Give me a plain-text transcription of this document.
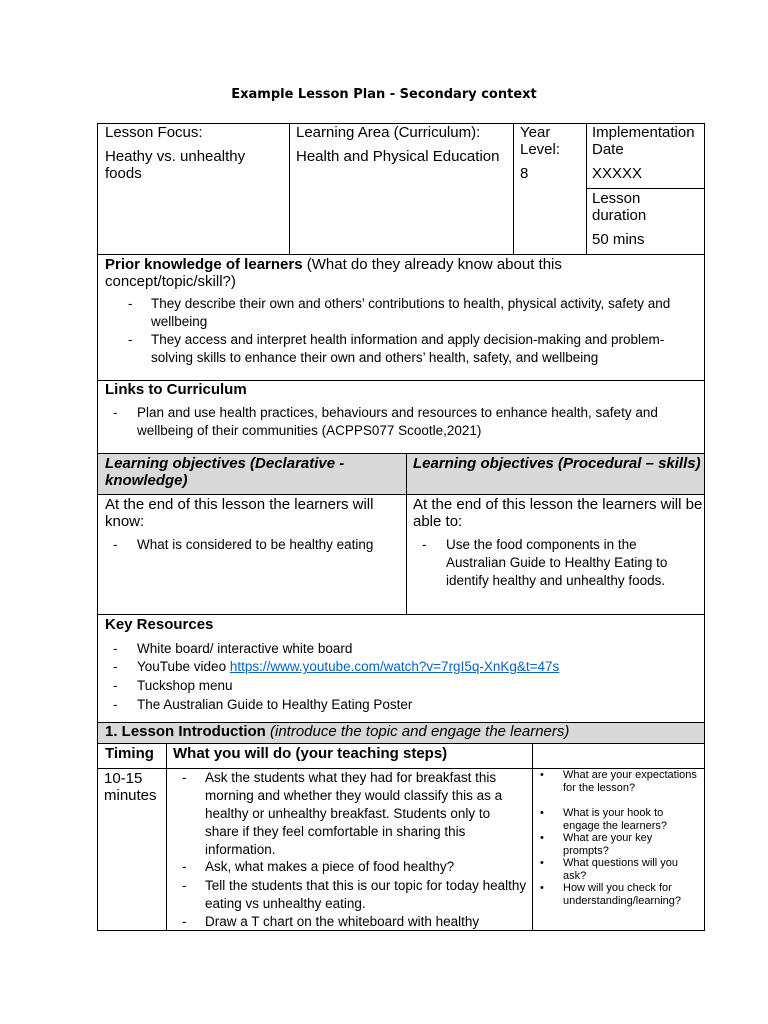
Example Lesson Plan - Secondary context
Lesson Focus:
Heathy vs. unhealthy foods
Learning Area (Curriculum):
Health and Physical Education
Year Level:
8
Implementation Date
XXXXX
Lesson duration
50 mins
Prior knowledge of learners (What do they already know about this concept/topic/skill?)
- They describe their own and others’ contributions to health, physical activity, safety and wellbeing
- They access and interpret health information and apply decision-making and problem-solving skills to enhance their own and others’ health, safety, and wellbeing
Links to Curriculum
- Plan and use health practices, behaviours and resources to enhance health, safety and wellbeing of their communities (ACPPS077 Scootle,2021)
Learning objectives (Declarative - knowledge)
Learning objectives (Procedural – skills)
At the end of this lesson the learners will know:
At the end of this lesson the learners will be able to:
- What is considered to be healthy eating	- Use the food components in the Australian Guide to Healthy Eating to identify healthy and unhealthy foods.
Key Resources
- White board/ interactive white board
- YouTube video https://www.youtube.com/watch?v=7rgI5q-XnKg&t=47s
- Tuckshop menu
- The Australian Guide to Healthy Eating Poster
1. Lesson Introduction (introduce the topic and engage the learners)
Timing	What you will do (your teaching steps)
10-15 minutes
- Ask the students what they had for breakfast this morning and whether they would classify this as a healthy or unhealthy breakfast. Students only to share if they feel comfortable in sharing this information.
- Ask, what makes a piece of food healthy?
- Tell the students that this is our topic for today healthy eating vs unhealthy eating.
- Draw a T chart on the whiteboard with healthy
• What are your expectations for the lesson?
• What is your hook to engage the learners?
• What are your key prompts?
• What questions will you ask?
• How will you check for understanding/learning?
